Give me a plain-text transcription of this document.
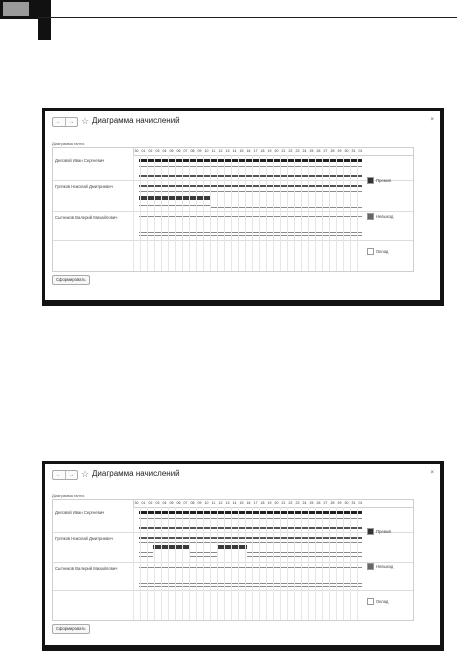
←	→ ☆ Диаграмма начислений	×
Диаграмма ганта:
Деловой Иван Сергеевич
Гуляков Николай Дмитриевич
Сытников Валерий Михайлович
30 01 02 03 04 05 06 07 08 09 10 11 12 13 14 15 16 17 18 19 20 21 22 23 24 25 26 27 28 29 30 31 01
Премия
Невыход
Оклад
Сформировать
←	→ ☆ Диаграмма начислений	×
Диаграмма ганта:
Деловой Иван Сергеевич
Гуляков Николай Дмитриевич
Сытников Валерий Михайлович
30 01 02 03 04 05 06 07 08 09 10 11 12 13 14 15 16 17 18 19 20 21 22 23 24 25 26 27 28 29 30 31 01
Премия
Невыход
Оклад
Сформировать
